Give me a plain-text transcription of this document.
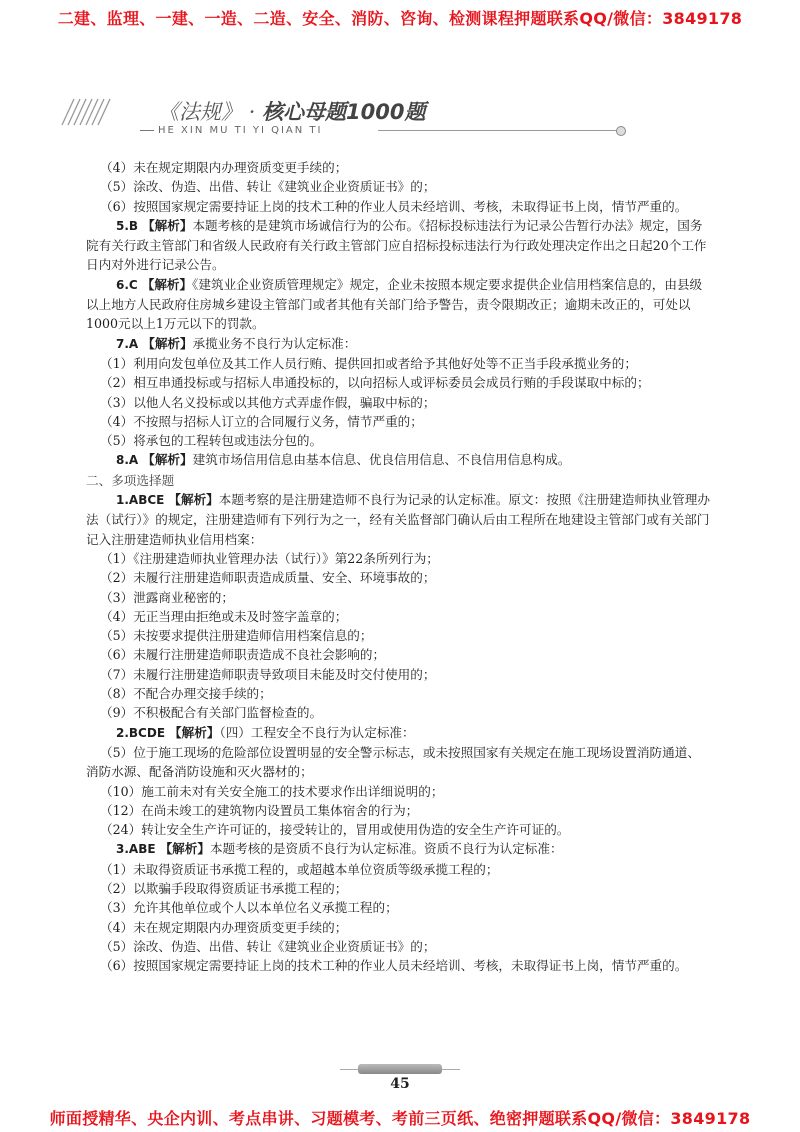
二建、监理、一建、一造、二造、安全、消防、咨询、检测课程押题联系QQ/微信：3849178
《法规》 · 核心母题1000题
HE XIN MU TI YI QIAN TI

（4）未在规定期限内办理资质变更手续的；

（5）涂改、伪造、出借、转让《建筑业企业资质证书》的；

（6）按照国家规定需要持证上岗的技术工种的作业人员未经培训、考核，未取得证书上岗，情节严重的。

5.B 【解析】本题考核的是建筑市场诚信行为的公布。《招标投标违法行为记录公告暂行办法》规定，国务院有关行政主管部门和省级人民政府有关行政主管部门应自招标投标违法行为行政处理决定作出之日起20个工作日内对外进行记录公告。

6.C 【解析】《建筑业企业资质管理规定》规定，企业未按照本规定要求提供企业信用档案信息的，由县级以上地方人民政府住房城乡建设主管部门或者其他有关部门给予警告，责令限期改正；逾期未改正的，可处以1000元以上1万元以下的罚款。

7.A 【解析】承揽业务不良行为认定标准：

（1）利用向发包单位及其工作人员行贿、提供回扣或者给予其他好处等不正当手段承揽业务的；

（2）相互串通投标或与招标人串通投标的，以向招标人或评标委员会成员行贿的手段谋取中标的；

（3）以他人名义投标或以其他方式弄虚作假，骗取中标的；

（4）不按照与招标人订立的合同履行义务，情节严重的；

（5）将承包的工程转包或违法分包的。

8.A 【解析】建筑市场信用信息由基本信息、优良信用信息、不良信用信息构成。

二、多项选择题

1.ABCE 【解析】本题考察的是注册建造师不良行为记录的认定标准。原文：按照《注册建造师执业管理办法（试行）》的规定，注册建造师有下列行为之一，经有关监督部门确认后由工程所在地建设主管部门或有关部门记入注册建造师执业信用档案：

（1）《注册建造师执业管理办法（试行）》第22条所列行为；

（2）未履行注册建造师职责造成质量、安全、环境事故的；

（3）泄露商业秘密的；

（4）无正当理由拒绝或未及时签字盖章的；

（5）未按要求提供注册建造师信用档案信息的；

（6）未履行注册建造师职责造成不良社会影响的；

（7）未履行注册建造师职责导致项目未能及时交付使用的；

（8）不配合办理交接手续的；

（9）不积极配合有关部门监督检查的。

2.BCDE 【解析】（四）工程安全不良行为认定标准：

（5）位于施工现场的危险部位设置明显的安全警示标志，或未按照国家有关规定在施工现场设置消防通道、消防水源、配备消防设施和灭火器材的；

（10）施工前未对有关安全施工的技术要求作出详细说明的；

（12）在尚未竣工的建筑物内设置员工集体宿舍的行为；

（24）转让安全生产许可证的，接受转让的，冒用或使用伪造的安全生产许可证的。

3.ABE 【解析】本题考核的是资质不良行为认定标准。资质不良行为认定标准：

（1）未取得资质证书承揽工程的，或超越本单位资质等级承揽工程的；

（2）以欺骗手段取得资质证书承揽工程的；

（3）允许其他单位或个人以本单位名义承揽工程的；

（4）未在规定期限内办理资质变更手续的；

（5）涂改、伪造、出借、转让《建筑业企业资质证书》的；

（6）按照国家规定需要持证上岗的技术工种的作业人员未经培训、考核，未取得证书上岗，情节严重的。

45
师面授精华、央企内训、考点串讲、习题模考、考前三页纸、绝密押题联系QQ/微信：3849178
